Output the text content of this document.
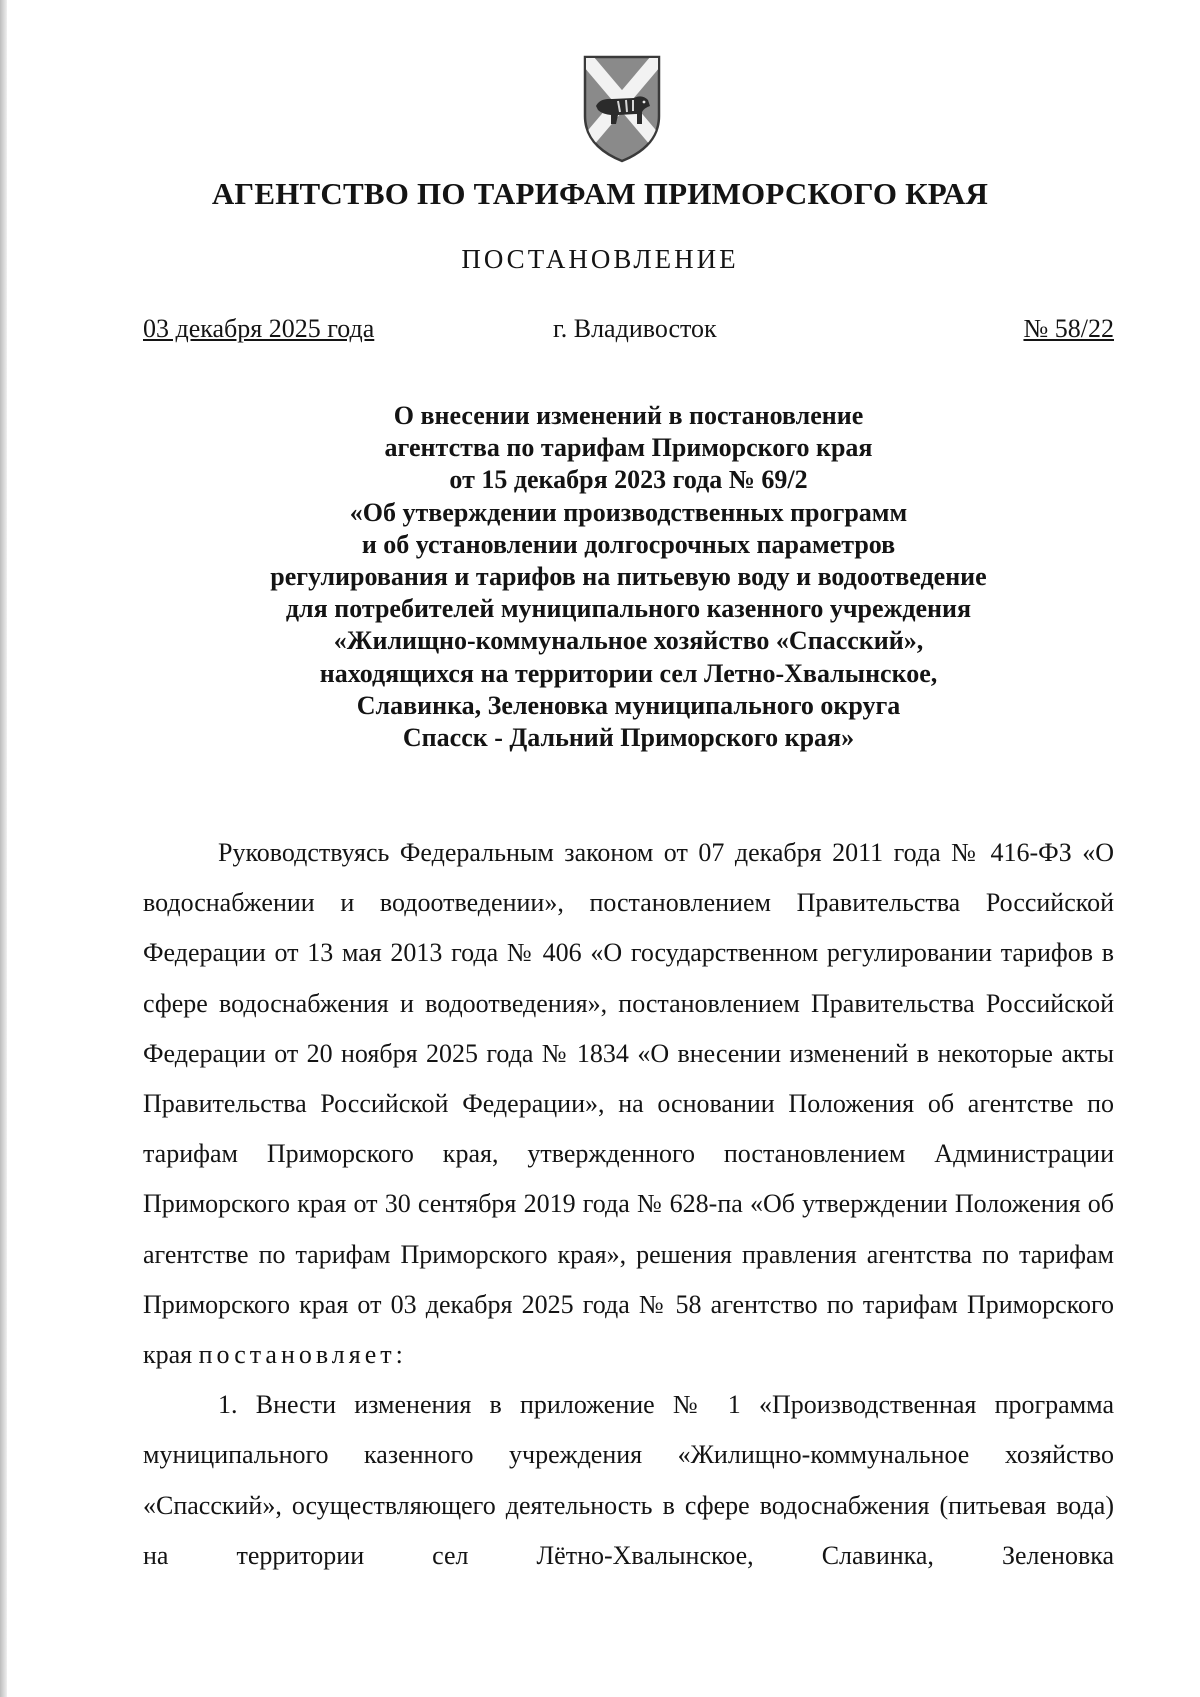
АГЕНТСТВО ПО ТАРИФАМ ПРИМОРСКОГО КРАЯ
ПОСТАНОВЛЕНИЕ
03 декабря 2025 года	г. Владивосток	№ 58/22
О внесении изменений в постановление
агентства по тарифам Приморского края
от 15 декабря 2023 года № 69/2
«Об утверждении производственных программ
и об установлении долгосрочных параметров
регулирования и тарифов на питьевую воду и водоотведение
для потребителей муниципального казенного учреждения
«Жилищно-коммунальное хозяйство «Спасский»,
находящихся на территории сел Летно-Хвалынское,
Славинка, Зеленовка муниципального округа
Спасск - Дальний Приморского края»

Руководствуясь Федеральным законом от 07 декабря 2011 года № 416-ФЗ «О водоснабжении и водоотведении», постановлением Правительства Российской Федерации от 13 мая 2013 года № 406 «О государственном регулировании тарифов в сфере водоснабжения и водоотведения», постановлением Правительства Российской Федерации от 20 ноября 2025 года № 1834 «О внесении изменений в некоторые акты Правительства Российской Федерации», на основании Положения об агентстве по тарифам Приморского края, утвержденного постановлением Администрации Приморского края от 30 сентября 2019 года № 628-па «Об утверждении Положения об агентстве по тарифам Приморского края», решения правления агентства по тарифам Приморского края от 03 декабря 2025 года № 58 агентство по тарифам Приморского края постановляет:

1. Внести изменения в приложение № 1 «Производственная программа муниципального казенного учреждения «Жилищно-коммунальное хозяйство «Спасский», осуществляющего деятельность в сфере водоснабжения (питьевая вода) на территории сел Лётно-Хвалынское, Славинка, Зеленовка
